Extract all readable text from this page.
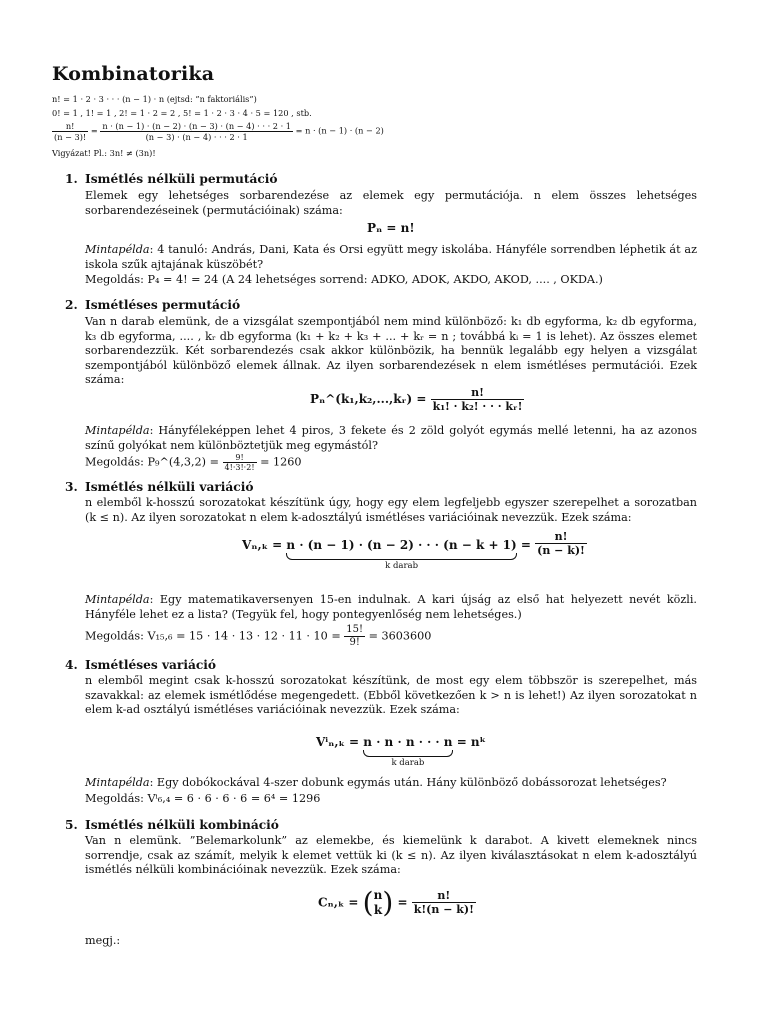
Kombinatorika
n! = 1 · 2 · 3 · · · (n − 1) · n (ejtsd: ”n faktoriális”)
0! = 1 , 1! = 1 , 2! = 1 · 2 = 2 , 5! = 1 · 2 · 3 · 4 · 5 = 120 , stb.
$\frac{n!}{(n - 3)!} = \frac{n \cdot (n - 1) \cdot (n - 2) \cdot (n - 3) \cdot (n - 4) \cdot \cdot \cdot 2 \cdot 1}{(n - 3) \cdot (n - 4) \cdot \cdot \cdot 2 \cdot 1} = n \cdot (n - 1) \cdot (n - 2)$
Vigyázat! Pl.: 3n! ≠ (3n)!
1. Ismétlés nélküli permutáció
Elemek egy lehetséges sorbarendezése az elemek egy permutációja. n elem összes lehetséges sorbarendezéseinek (permutációinak) száma:
Pₙ = n!
Mintapélda: 4 tanuló: András, Dani, Kata és Orsi együtt megy iskolába. Hányféle sorrendben léphetik át az iskola szűk ajtajának küszöbét?
Megoldás: P₄ = 4! = 24 (A 24 lehetséges sorrend: ADKO, ADOK, AKDO, AKOD, .... , OKDA.)
2. Ismétléses permutáció
Van n darab elemünk, de a vizsgálat szempontjából nem mind különböző: k₁ db egyforma, k₂ db egyforma, k₃ db egyforma, .... , kᵣ db egyforma (k₁ + k₂ + k₃ + ... + kᵣ = n ; továbbá kᵢ = 1 is lehet). Az összes elemet sorbarendezzük. Két sorbarendezés csak akkor különbözik, ha bennük legalább egy helyen a vizsgálat szempontjából különböző elemek állnak. Az ilyen sorbarendezések n elem ismétléses permutációi. Ezek száma:
Pₙ^(k₁,k₂,...,kᵣ) = $\frac{n!}{\text{k₁! · k₂! · · · kᵣ!}}$
Mintapélda: Hányféleképpen lehet 4 piros, 3 fekete és 2 zöld golyót egymás mellé letenni, ha az azonos színű golyókat nem különböztetjük meg egymástól?
Megoldás: P₉^(4,3,2) = $\frac{9!}{4!\cdot 3!\cdot 2!} = 1260$
3. Ismétlés nélküli variáció
n elemből k-hosszú sorozatokat készítünk úgy, hogy egy elem legfeljebb egyszer szerepelhet a sorozatban (k ≤ n). Az ilyen sorozatokat n elem k-adosztályú ismétléses variációinak nevezzük. Ezek száma:
Vₙ,ₖ = n · (n − 1) · (n − 2) · · · (n − k + 1)
k darab
= $\frac{n!}{(n - k)!}$
Mintapélda: Egy matematikaversenyen 15-en indulnak. A kari újság az első hat helyezett nevét közli. Hányféle lehet ez a lista? (Tegyük fel, hogy pontegyenlőség nem lehetséges.)
Megoldás: $V_{15},_6 = 15 \cdot 14 \cdot 13 \cdot 12 \cdot 11 \cdot 10 = \frac{15!}{9!} = 3603600$
4. Ismétléses variáció
n elemből megint csak k-hosszú sorozatokat készítünk, de most egy elem többször is szerepelhet, más szavakkal: az elemek ismétlődése megengedett. (Ebből következően k > n is lehet!) Az ilyen sorozatokat n elem k-ad osztályú ismétléses variációinak nevezzük. Ezek száma:
Vⁱₙ,ₖ = n · n · n · · · n
k darab
= nᵏ
Mintapélda: Egy dobókockával 4-szer dobunk egymás után. Hány különböző dobássorozat lehetséges?
Megoldás: Vⁱ₆,₄ = 6 · 6 · 6 · 6 = 6⁴ = 1296
5. Ismétlés nélküli kombináció
Van n elemünk. ”Belemarkolunk” az elemekbe, és kiemelünk k darabot. A kivett elemeknek nincs sorrendje, csak az számít, melyik k elemet vettük ki (k ≤ n). Az ilyen kiválasztásokat n elem k-adosztályú ismétlés nélküli kombinációinak nevezzük. Ezek száma:
Cₙ,ₖ = ( n
k ) = $\frac{n!}{k!(n - k)!}$
megj.:
